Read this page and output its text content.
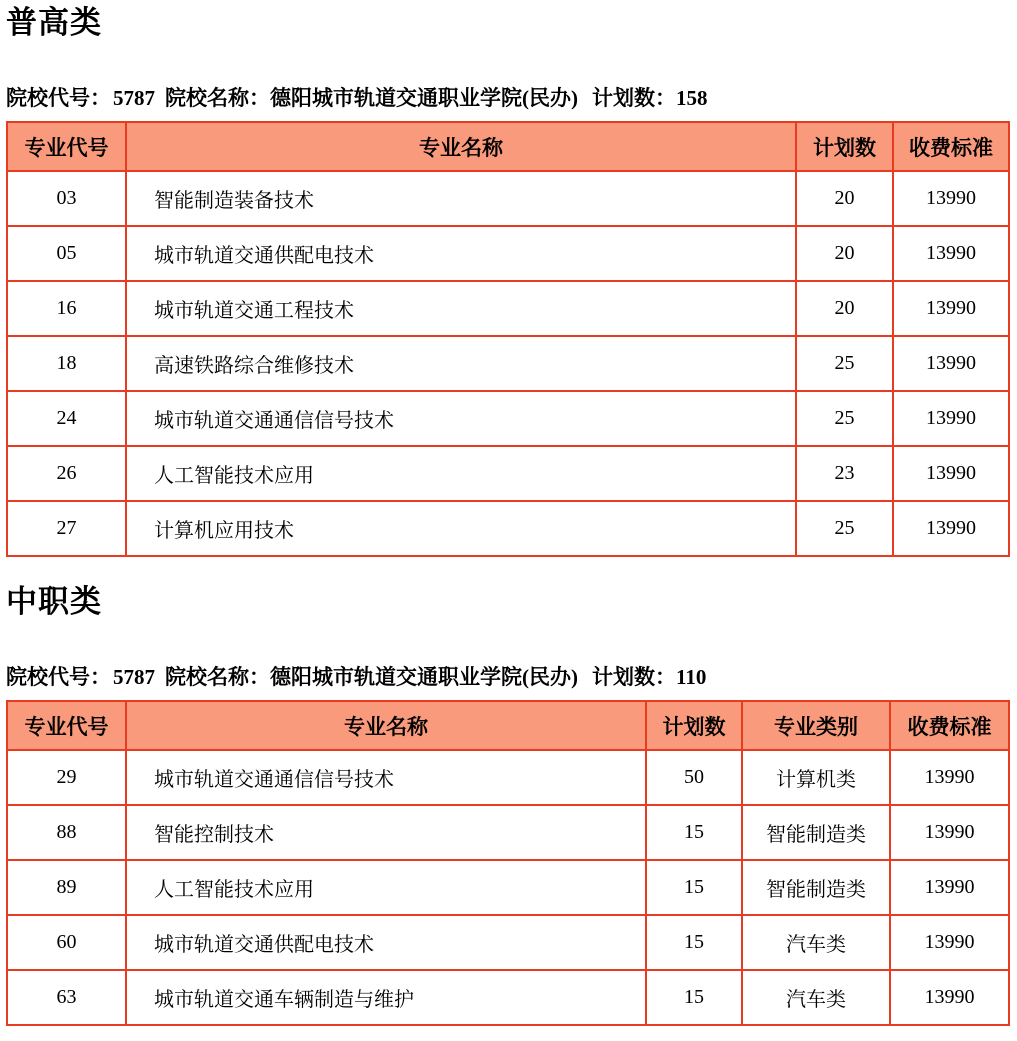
普高类

院校代号：5787 院校名称：德阳城市轨道交通职业学院(民办) 计划数：158

专业代号	专业名称	计划数	收费标准
03	智能制造装备技术	20	13990
05	城市轨道交通供配电技术	20	13990
16	城市轨道交通工程技术	20	13990
18	高速铁路综合维修技术	25	13990
24	城市轨道交通通信信号技术	25	13990
26	人工智能技术应用	23	13990
27	计算机应用技术	25	13990
中职类

院校代号：5787 院校名称：德阳城市轨道交通职业学院(民办) 计划数：110

专业代号	专业名称	计划数	专业类别	收费标准
29	城市轨道交通通信信号技术	50	计算机类	13990
88	智能控制技术	15	智能制造类	13990
89	人工智能技术应用	15	智能制造类	13990
60	城市轨道交通供配电技术	15	汽车类	13990
63	城市轨道交通车辆制造与维护	15	汽车类	13990
